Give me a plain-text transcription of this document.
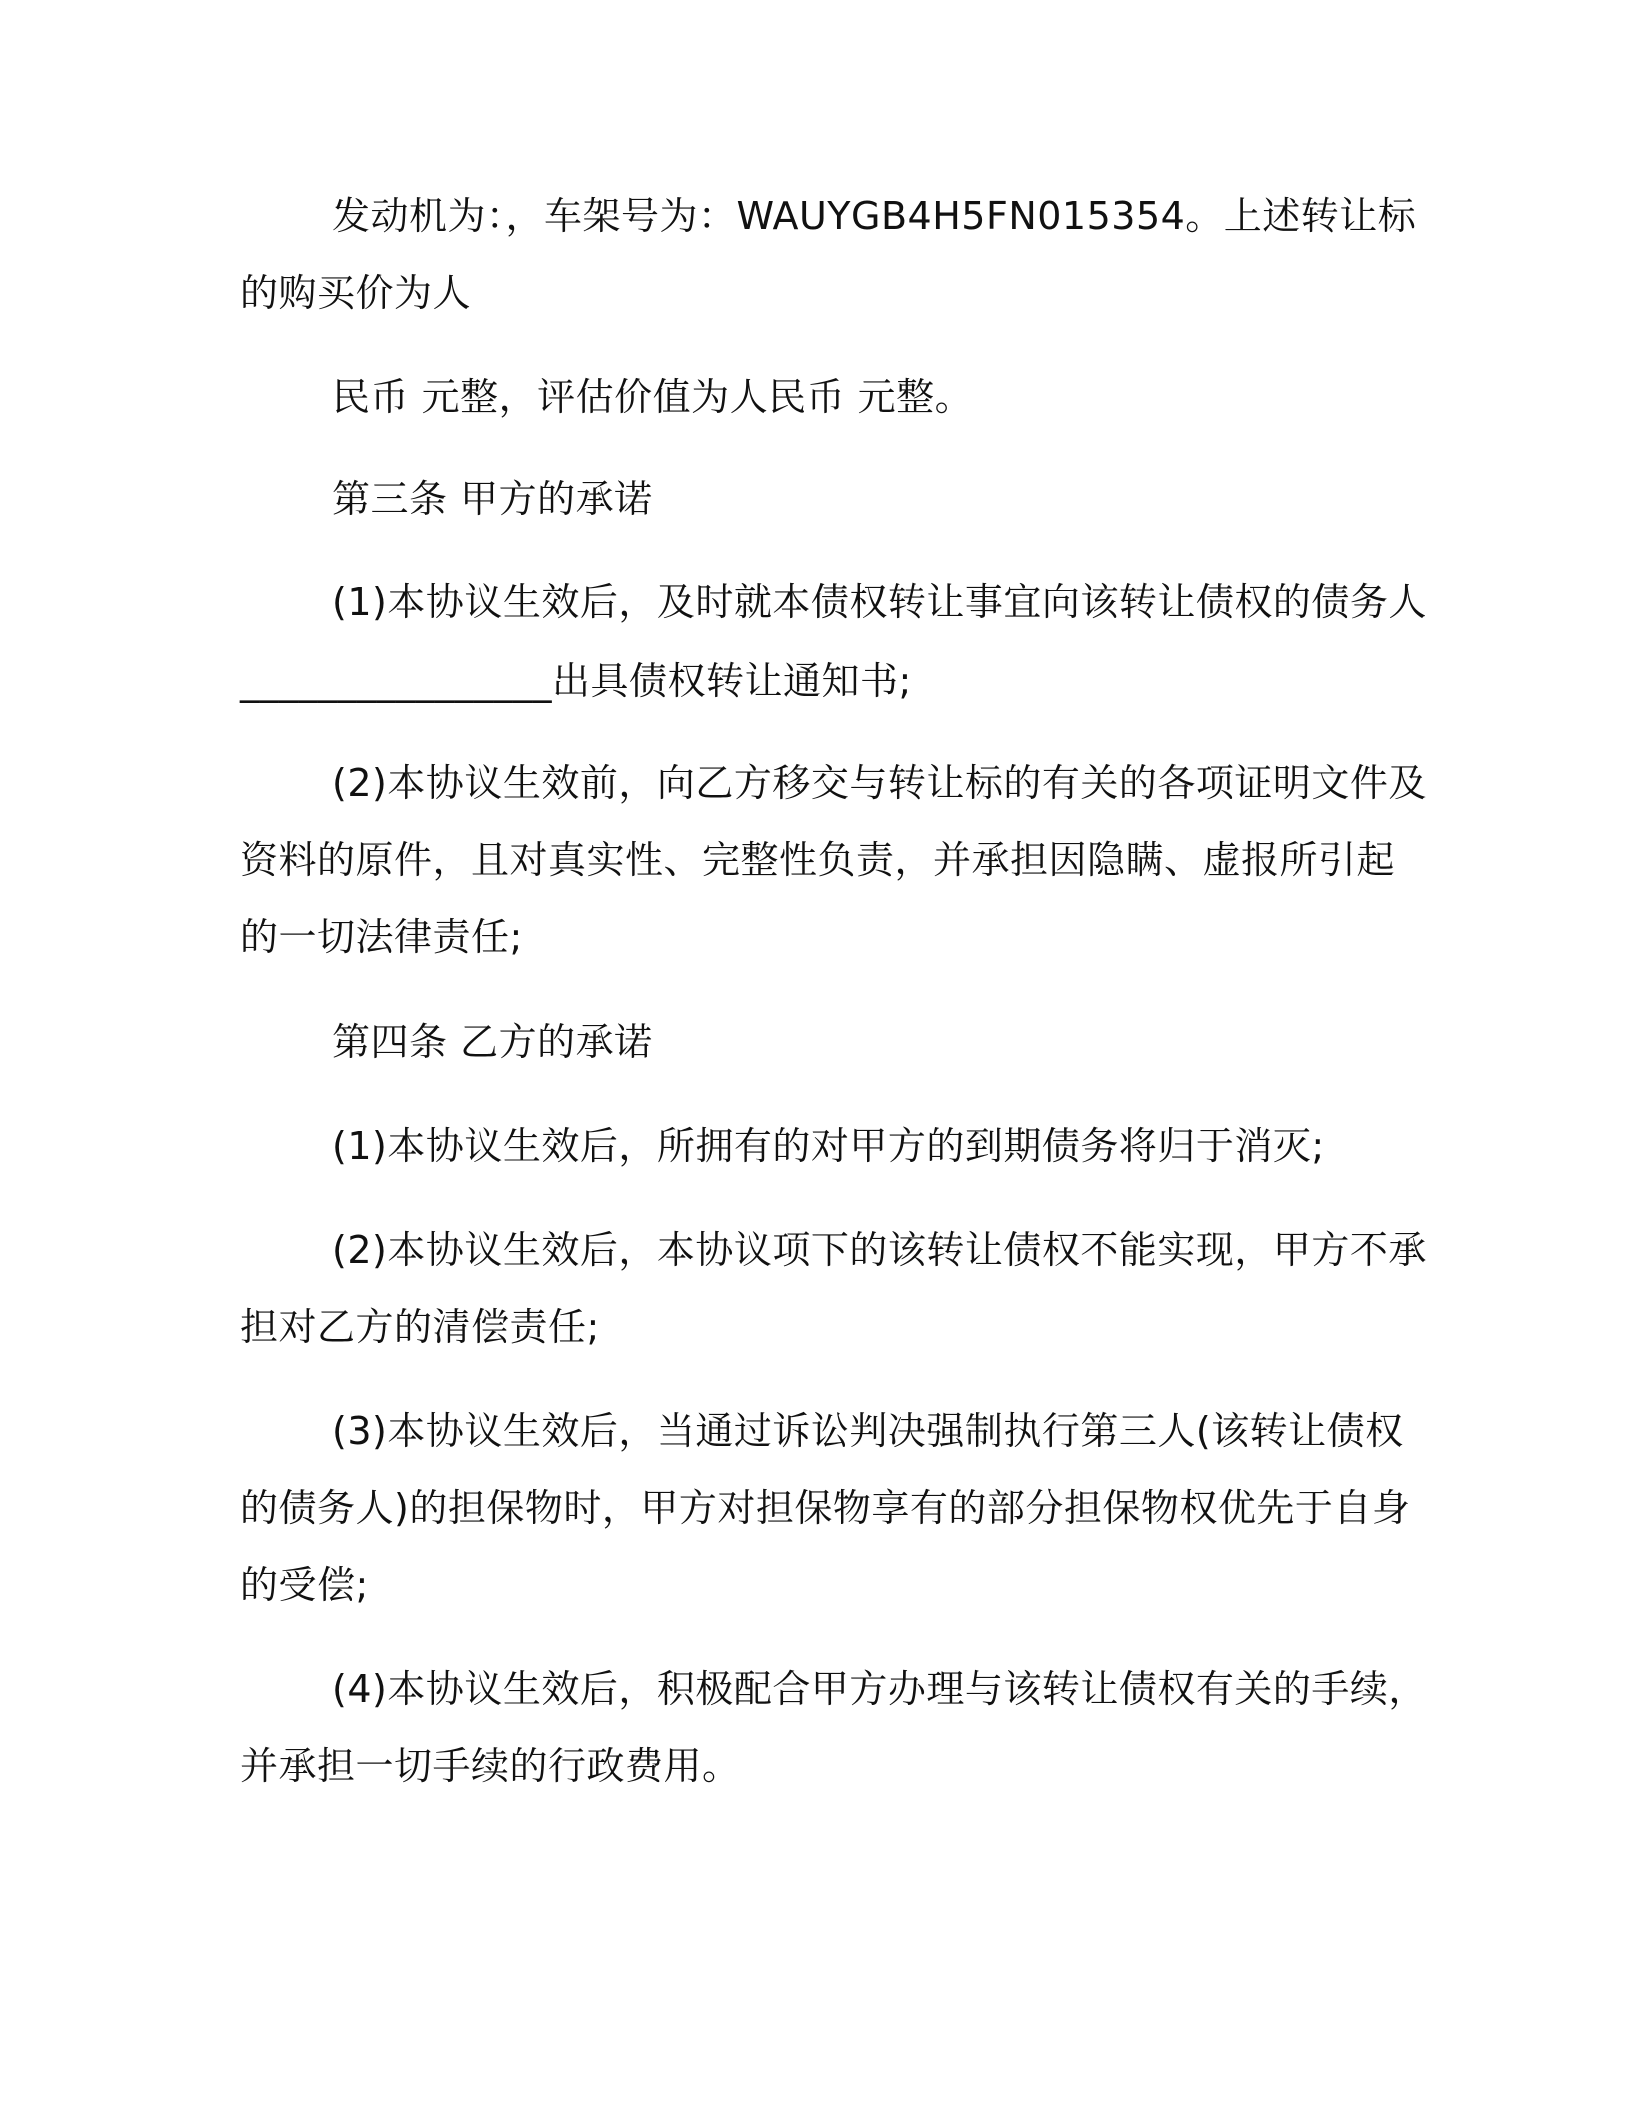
发动机为：，车架号为：WAUYGB4H5FN015354。上述转让标
的购买价为人
民币 元整，评估价值为人民币 元整。
第三条 甲方的承诺
(1)本协议生效后，及时就本债权转让事宜向该转让债权的债务人
________________出具债权转让通知书;
(2)本协议生效前，向乙方移交与转让标的有关的各项证明文件及
资料的原件，且对真实性、完整性负责，并承担因隐瞒、虚报所引起
的一切法律责任;
第四条 乙方的承诺
(1)本协议生效后，所拥有的对甲方的到期债务将归于消灭;
(2)本协议生效后，本协议项下的该转让债权不能实现，甲方不承
担对乙方的清偿责任;
(3)本协议生效后，当通过诉讼判决强制执行第三人(该转让债权
的债务人)的担保物时，甲方对担保物享有的部分担保物权优先于自身
的受偿;
(4)本协议生效后，积极配合甲方办理与该转让债权有关的手续，
并承担一切手续的行政费用。
